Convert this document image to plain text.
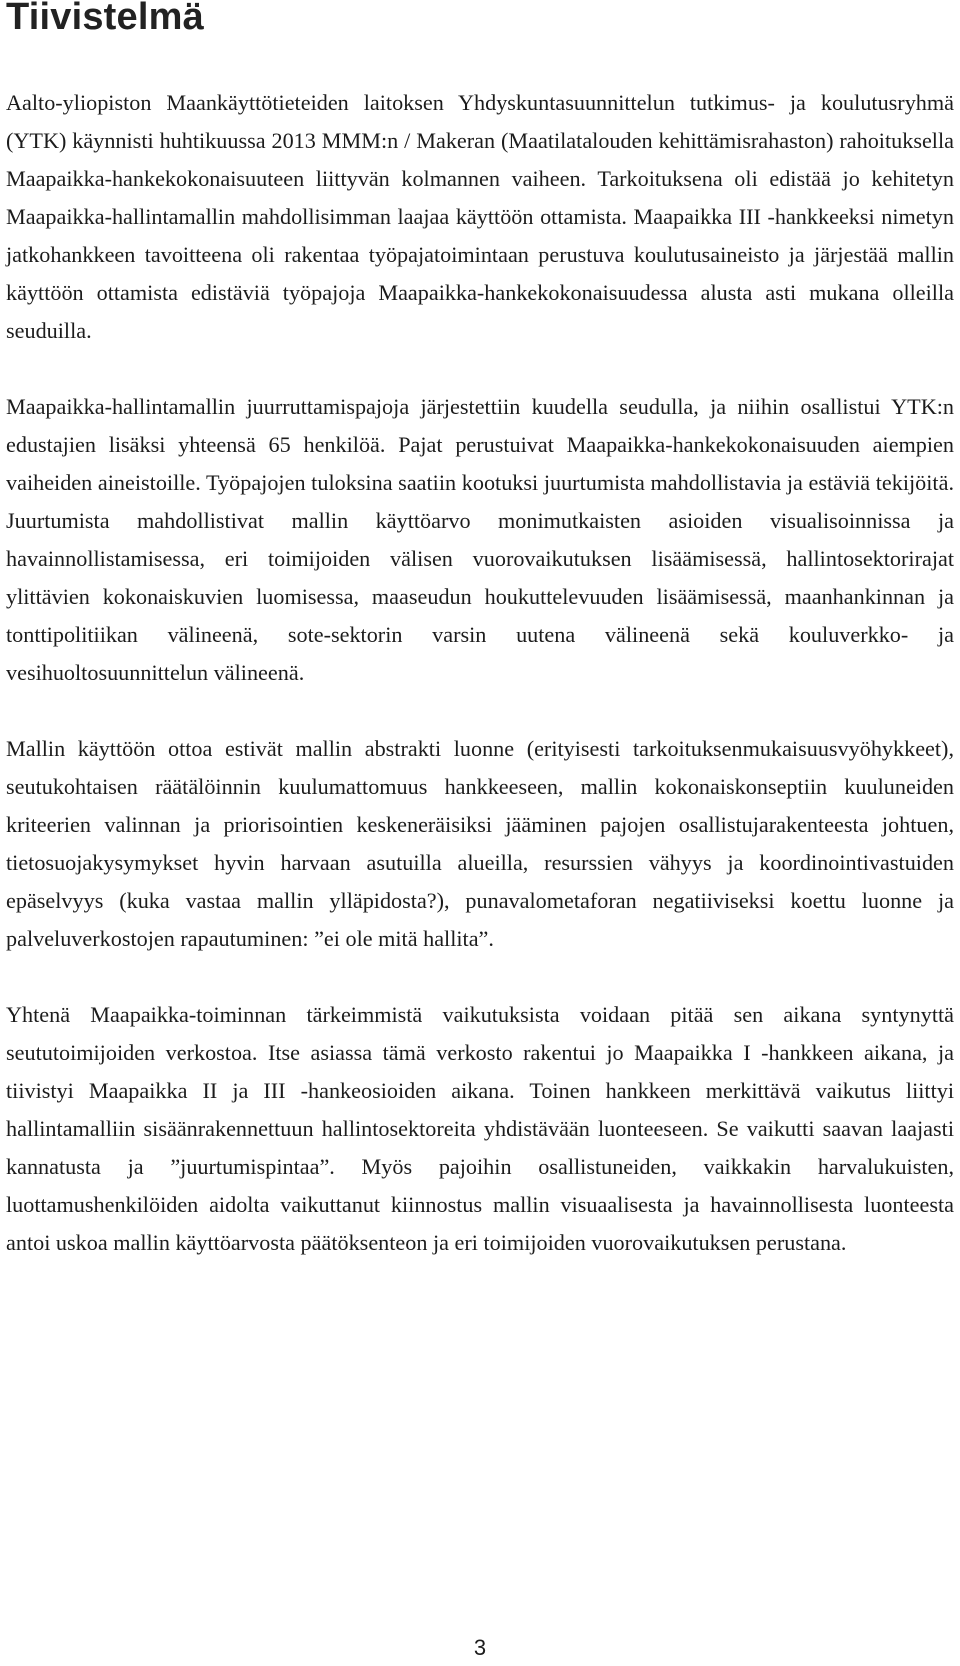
Tiivistelmä

Aalto-yliopiston Maankäyttötieteiden laitoksen Yhdyskuntasuunnittelun tutkimus- ja koulutusryhmä (YTK) käynnisti huhtikuussa 2013 MMM:n / Makeran (Maatilatalouden kehittämisrahaston) rahoituksella Maapaikka-hankekokonaisuuteen liittyvän kolmannen vaiheen. Tarkoituksena oli edistää jo kehitetyn Maapaikka-hallintamallin mahdollisimman laajaa käyttöön ottamista. Maapaikka III -hankkeeksi nimetyn jatkohankkeen tavoitteena oli rakentaa työpajatoimintaan perustuva koulutusaineisto ja järjestää mallin käyttöön ottamista edistäviä työpajoja Maapaikka-hankekokonaisuudessa alusta asti mukana olleilla seuduilla.

Maapaikka-hallintamallin juurruttamispajoja järjestettiin kuudella seudulla, ja niihin osallistui YTK:n edustajien lisäksi yhteensä 65 henkilöä. Pajat perustuivat Maapaikka-hankekokonaisuuden aiempien vaiheiden aineistoille. Työpajojen tuloksina saatiin kootuksi juurtumista mahdollistavia ja estäviä tekijöitä. Juurtumista mahdollistivat mallin käyttöarvo monimutkaisten asioiden visualisoinnissa ja havainnollistamisessa, eri toimijoiden välisen vuorovaikutuksen lisäämisessä, hallintosektorirajat ylittävien kokonaiskuvien luomisessa, maaseudun houkuttelevuuden lisäämisessä, maanhankinnan ja tonttipolitiikan välineenä, sote-sektorin varsin uutena välineenä sekä kouluverkko- ja vesihuoltosuunnittelun välineenä.

Mallin käyttöön ottoa estivät mallin abstrakti luonne (erityisesti tarkoituksenmukaisuusvyöhykkeet), seutukohtaisen räätälöinnin kuulumattomuus hankkeeseen, mallin kokonaiskonseptiin kuuluneiden kriteerien valinnan ja priorisointien keskeneräisiksi jääminen pajojen osallistujarakenteesta johtuen, tietosuojakysymykset hyvin harvaan asutuilla alueilla, resurssien vähyys ja koordinointivastuiden epäselvyys (kuka vastaa mallin ylläpidosta?), punavalometaforan negatiiviseksi koettu luonne ja palveluverkostojen rapautuminen: ”ei ole mitä hallita”.

Yhtenä Maapaikka-toiminnan tärkeimmistä vaikutuksista voidaan pitää sen aikana syntynyttä seututoimijoiden verkostoa. Itse asiassa tämä verkosto rakentui jo Maapaikka I -hankkeen aikana, ja tiivistyi Maapaikka II ja III -hankeosioiden aikana. Toinen hankkeen merkittävä vaikutus liittyi hallintamalliin sisäänrakennettuun hallintosektoreita yhdistävään luonteeseen. Se vaikutti saavan laajasti kannatusta ja ”juurtumispintaa”. Myös pajoihin osallistuneiden, vaikkakin harvalukuisten, luottamushenkilöiden aidolta vaikuttanut kiinnostus mallin visuaalisesta ja havainnollisesta luonteesta antoi uskoa mallin käyttöarvosta päätöksenteon ja eri toimijoiden vuorovaikutuksen perustana.

3
